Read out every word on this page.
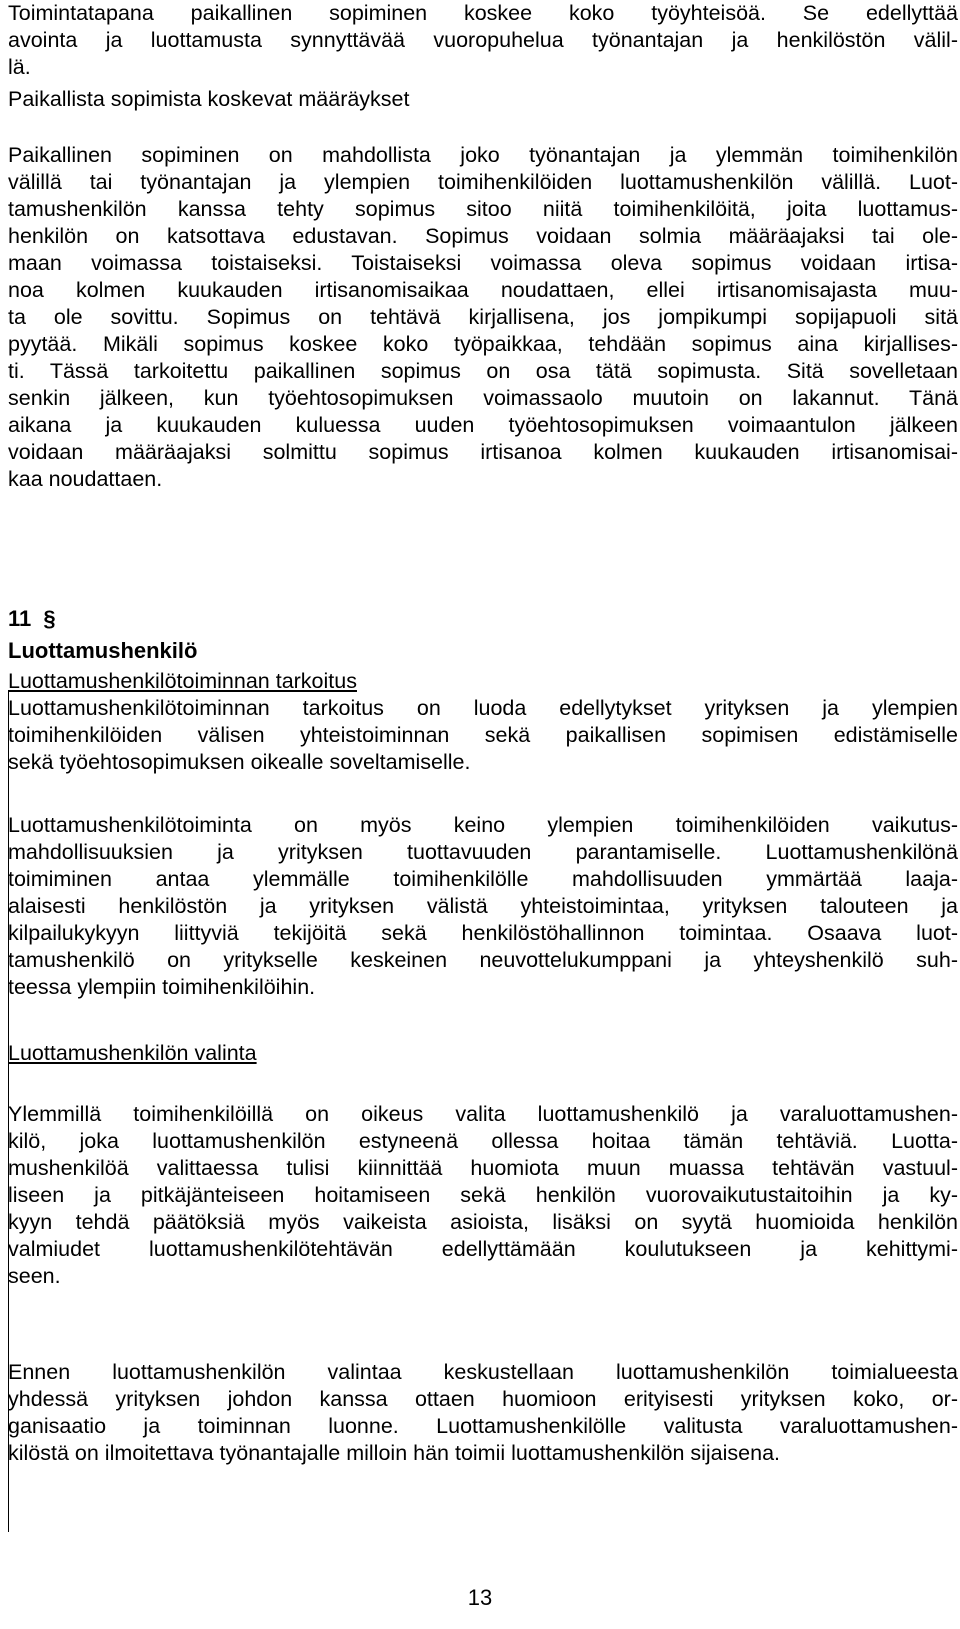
Toimintatapana paikallinen sopiminen koskee koko työyhteisöä. Se edellyttää
avointa ja luottamusta synnyttävää vuoropuhelua työnantajan ja henkilöstön välil-
lä.
Paikallista sopimista koskevat määräykset
Paikallinen sopiminen on mahdollista joko työnantajan ja ylemmän toimihenkilön
välillä tai työnantajan ja ylempien toimihenkilöiden luottamushenkilön välillä. Luot-
tamushenkilön kanssa tehty sopimus sitoo niitä toimihenkilöitä, joita luottamus-
henkilön on katsottava edustavan. Sopimus voidaan solmia määräajaksi tai ole-
maan voimassa toistaiseksi. Toistaiseksi voimassa oleva sopimus voidaan irtisa-
noa kolmen kuukauden irtisanomisaikaa noudattaen, ellei irtisanomisajasta muu-
ta ole sovittu. Sopimus on tehtävä kirjallisena, jos jompikumpi sopijapuoli sitä
pyytää. Mikäli sopimus koskee koko työpaikkaa, tehdään sopimus aina kirjallises-
ti. Tässä tarkoitettu paikallinen sopimus on osa tätä sopimusta. Sitä sovelletaan
senkin jälkeen, kun työehtosopimuksen voimassaolo muutoin on lakannut. Tänä
aikana ja kuukauden kuluessa uuden työehtosopimuksen voimaantulon jälkeen
voidaan määräajaksi solmittu sopimus irtisanoa kolmen kuukauden irtisanomisai-
kaa noudattaen.
11 §
Luottamushenkilö
Luottamushenkilötoiminnan tarkoitus
Luottamushenkilötoiminnan tarkoitus on luoda edellytykset yrityksen ja ylempien
toimihenkilöiden välisen yhteistoiminnan sekä paikallisen sopimisen edistämiselle
sekä työehtosopimuksen oikealle soveltamiselle.
Luottamushenkilötoiminta on myös keino ylempien toimihenkilöiden vaikutus-
mahdollisuuksien ja yrityksen tuottavuuden parantamiselle. Luottamushenkilönä
toimiminen antaa ylemmälle toimihenkilölle mahdollisuuden ymmärtää laaja-
alaisesti henkilöstön ja yrityksen välistä yhteistoimintaa, yrityksen talouteen ja
kilpailukykyyn liittyviä tekijöitä sekä henkilöstöhallinnon toimintaa. Osaava luot-
tamushenkilö on yritykselle keskeinen neuvottelukumppani ja yhteyshenkilö suh-
teessa ylempiin toimihenkilöihin.
Luottamushenkilön valinta
Ylemmillä toimihenkilöillä on oikeus valita luottamushenkilö ja varaluottamushen-
kilö, joka luottamushenkilön estyneenä ollessa hoitaa tämän tehtäviä. Luotta-
mushenkilöä valittaessa tulisi kiinnittää huomiota muun muassa tehtävän vastuul-
liseen ja pitkäjänteiseen hoitamiseen sekä henkilön vuorovaikutustaitoihin ja ky-
kyyn tehdä päätöksiä myös vaikeista asioista, lisäksi on syytä huomioida henkilön
valmiudet luottamushenkilötehtävän edellyttämään koulutukseen ja kehittymi-
seen.
Ennen luottamushenkilön valintaa keskustellaan luottamushenkilön toimialueesta
yhdessä yrityksen johdon kanssa ottaen huomioon erityisesti yrityksen koko, or-
ganisaatio ja toiminnan luonne. Luottamushenkilölle valitusta varaluottamushen-
kilöstä on ilmoitettava työnantajalle milloin hän toimii luottamushenkilön sijaisena.
13
